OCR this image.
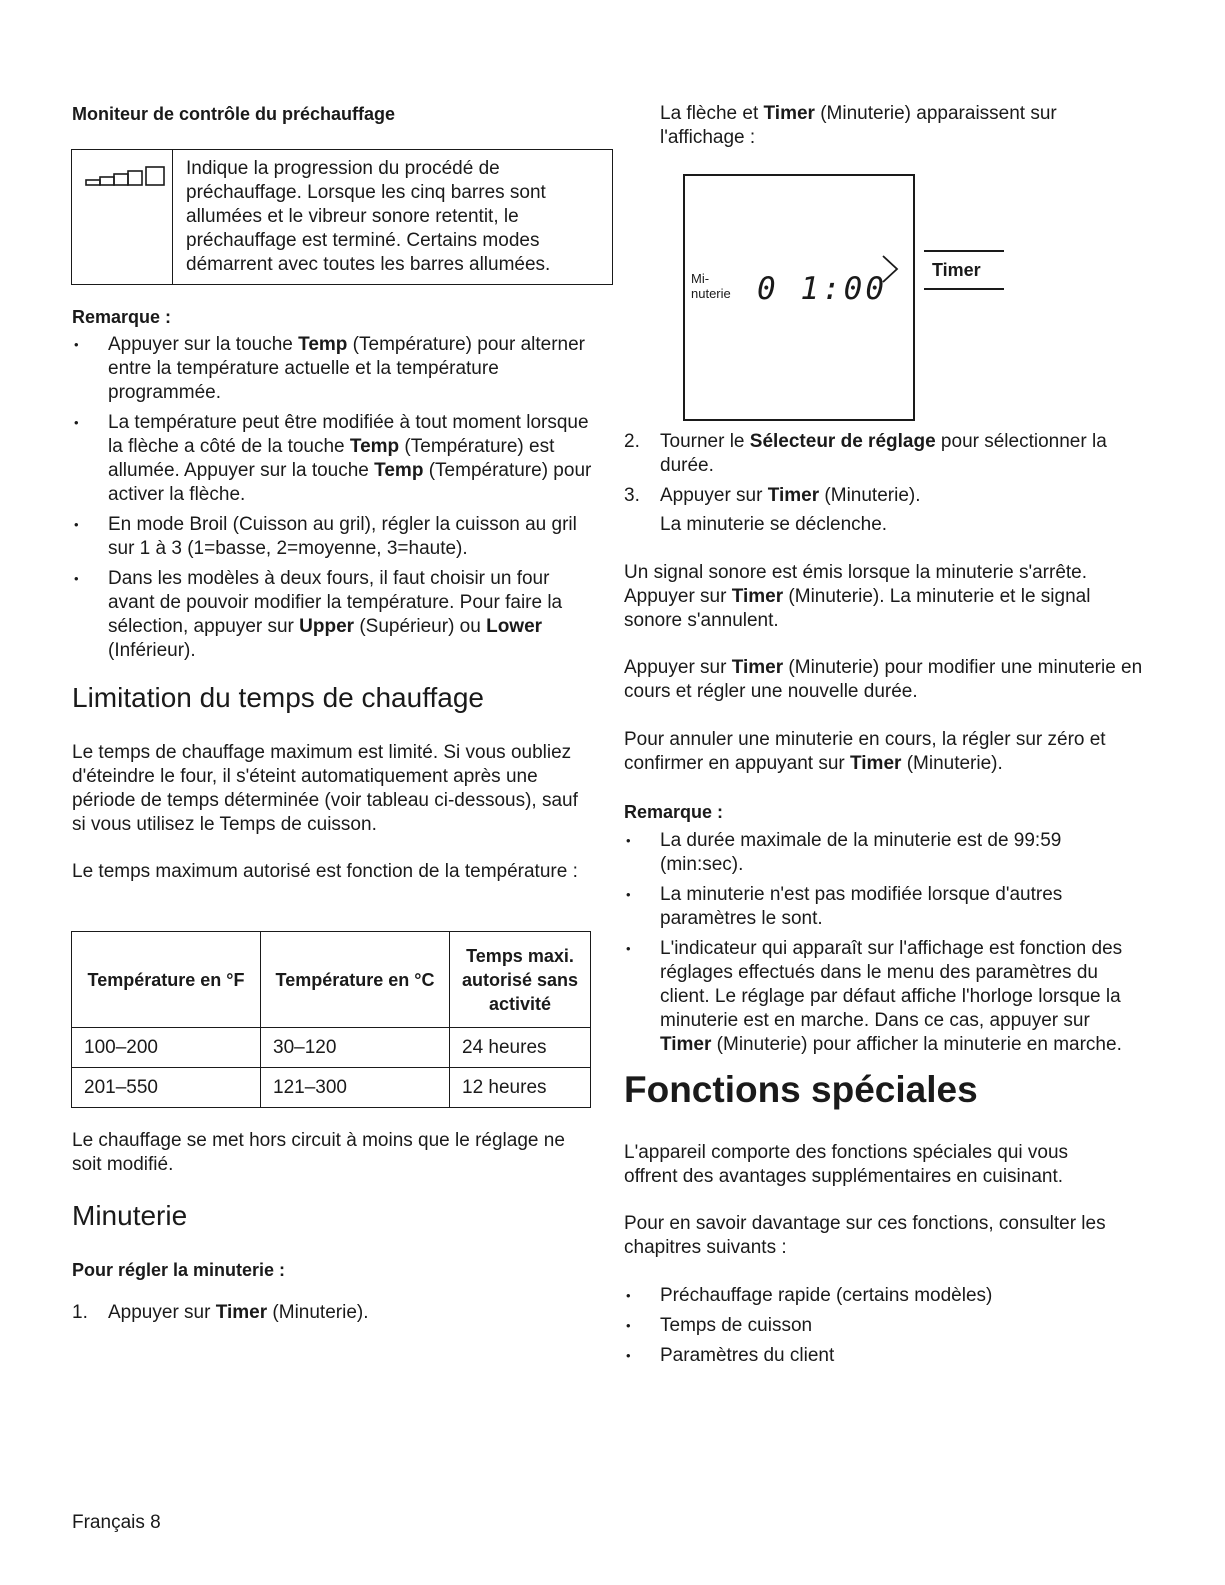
Moniteur de contrôle du préchauffage
Indique la progression du procédé de préchauffage. Lorsque les cinq barres sont allumées et le vibreur sonore retentit, le préchauffage est terminé. Certains modes démarrent avec toutes les barres allumées.
Remarque :
• Appuyer sur la touche Temp (Température) pour alterner entre la température actuelle et la température programmée.
• La température peut être modifiée à tout moment lorsque la flèche a côté de la touche Temp (Température) est allumée. Appuyer sur la touche Temp (Température) pour activer la flèche.
• En mode Broil (Cuisson au gril), régler la cuisson au gril sur 1 à 3 (1=basse, 2=moyenne, 3=haute).
• Dans les modèles à deux fours, il faut choisir un four avant de pouvoir modifier la température. Pour faire la sélection, appuyer sur Upper (Supérieur) ou Lower (Inférieur).
Limitation du temps de chauffage
Le temps de chauffage maximum est limité. Si vous oubliez d'éteindre le four, il s'éteint automatiquement après une période de temps déterminée (voir tableau ci-dessous), sauf si vous utilisez le Temps de cuisson.
Le temps maximum autorisé est fonction de la température :
Température en °F	Température en °C	Temps maxi. autorisé sans activité
100–200	30–120	24 heures
201–550	121–300	12 heures
Le chauffage se met hors circuit à moins que le réglage ne soit modifié.
Minuterie
Pour régler la minuterie :
1. Appuyer sur Timer (Minuterie).
Français 8
La flèche et Timer (Minuterie) apparaissent sur l'affichage :
Mi-
nuterie 0 1:00
Timer
2.	Tourner le Sélecteur de réglage pour sélectionner la durée.
3.	Appuyer sur Timer (Minuterie).
La minuterie se déclenche.
Un signal sonore est émis lorsque la minuterie s'arrête. Appuyer sur Timer (Minuterie). La minuterie et le signal sonore s'annulent.
Appuyer sur Timer (Minuterie) pour modifier une minuterie en cours et régler une nouvelle durée.
Pour annuler une minuterie en cours, la régler sur zéro et confirmer en appuyant sur Timer (Minuterie).
Remarque :
• La durée maximale de la minuterie est de 99:59 (min:sec).
• La minuterie n'est pas modifiée lorsque d'autres paramètres le sont.
• L'indicateur qui apparaît sur l'affichage est fonction des réglages effectués dans le menu des paramètres du client. Le réglage par défaut affiche l'horloge lorsque la minuterie est en marche. Dans ce cas, appuyer sur Timer (Minuterie) pour afficher la minuterie en marche.
Fonctions spéciales
L'appareil comporte des fonctions spéciales qui vous offrent des avantages supplémentaires en cuisinant.
Pour en savoir davantage sur ces fonctions, consulter les chapitres suivants :
• Préchauffage rapide (certains modèles)
• Temps de cuisson
• Paramètres du client
